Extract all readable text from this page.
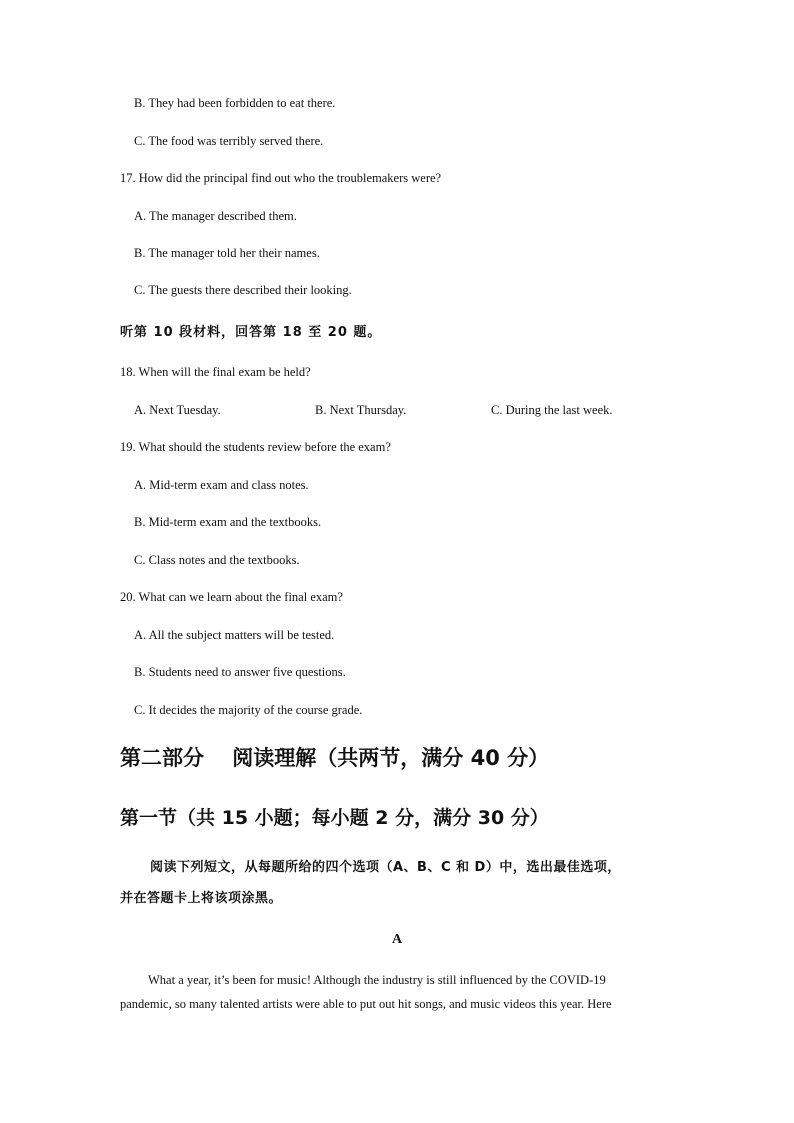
B. They had been forbidden to eat there.
C. The food was terribly served there.
17. How did the principal find out who the troublemakers were?
A. The manager described them.
B. The manager told her their names.
C. The guests there described their looking.
听第 10 段材料，回答第 18 至 20 题。
18. When will the final exam be held?
A. Next Tuesday.	B. Next Thursday.	C. During the last week.
19. What should the students review before the exam?
A. Mid-term exam and class notes.
B. Mid-term exam and the textbooks.
C. Class notes and the textbooks.
20. What can we learn about the final exam?
A. All the subject matters will be tested.
B. Students need to answer five questions.
C. It decides the majority of the course grade.
第二部分　 阅读理解（共两节，满分 40 分）
第一节（共 15 小题；每小题 2 分，满分 30 分）
阅读下列短文，从每题所给的四个选项（A、B、C 和 D）中，选出最佳选项，
并在答题卡上将该项涂黑。
A

What a year, it’s been for music! Although the industry is still influenced by the COVID-19

pandemic, so many talented artists were able to put out hit songs, and music videos this year. Here
